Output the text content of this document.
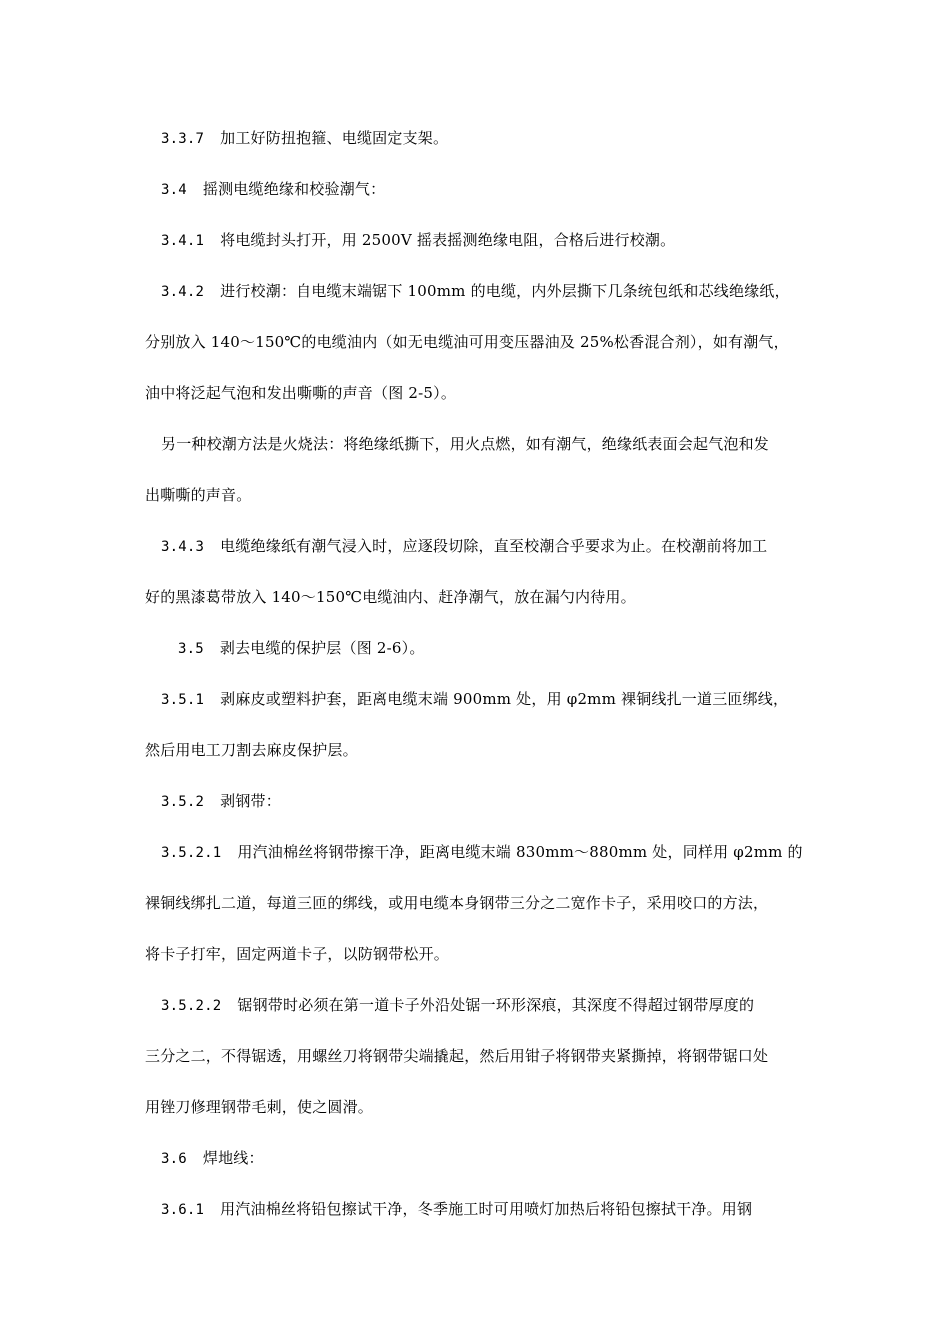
3.3.7 加工好防扭抱箍、电缆固定支架。
3.4 摇测电缆绝缘和校验潮气：
3.4.1 将电缆封头打开，用 2500V 摇表摇测绝缘电阻，合格后进行校潮。
3.4.2 进行校潮：自电缆末端锯下 100mm 的电缆，内外层撕下几条统包纸和芯线绝缘纸，
分别放入 140～150℃的电缆油内（如无电缆油可用变压器油及 25%松香混合剂），如有潮气，
油中将泛起气泡和发出嘶嘶的声音（图 2-5）。
另一种校潮方法是火烧法：将绝缘纸撕下，用火点燃，如有潮气，绝缘纸表面会起气泡和发
出嘶嘶的声音。
3.4.3 电缆绝缘纸有潮气浸入时，应逐段切除，直至校潮合乎要求为止。在校潮前将加工
好的黑漆葛带放入 140～150℃电缆油内、赶净潮气，放在漏勺内待用。
3.5 剥去电缆的保护层（图 2-6）。
3.5.1 剥麻皮或塑料护套，距离电缆末端 900mm 处，用 φ2mm 裸铜线扎一道三匝绑线，
然后用电工刀割去麻皮保护层。
3.5.2 剥钢带：
3.5.2.1 用汽油棉丝将钢带擦干净，距离电缆末端 830mm～880mm 处，同样用 φ2mm 的
裸铜线绑扎二道，每道三匝的绑线，或用电缆本身钢带三分之二宽作卡子，采用咬口的方法，
将卡子打牢，固定两道卡子，以防钢带松开。
3.5.2.2 锯钢带时必须在第一道卡子外沿处锯一环形深痕，其深度不得超过钢带厚度的
三分之二，不得锯透，用螺丝刀将钢带尖端撬起，然后用钳子将钢带夹紧撕掉，将钢带锯口处
用锉刀修理钢带毛刺，使之圆滑。
3.6 焊地线：
3.6.1 用汽油棉丝将铅包擦试干净，冬季施工时可用喷灯加热后将铅包擦拭干净。用钢
